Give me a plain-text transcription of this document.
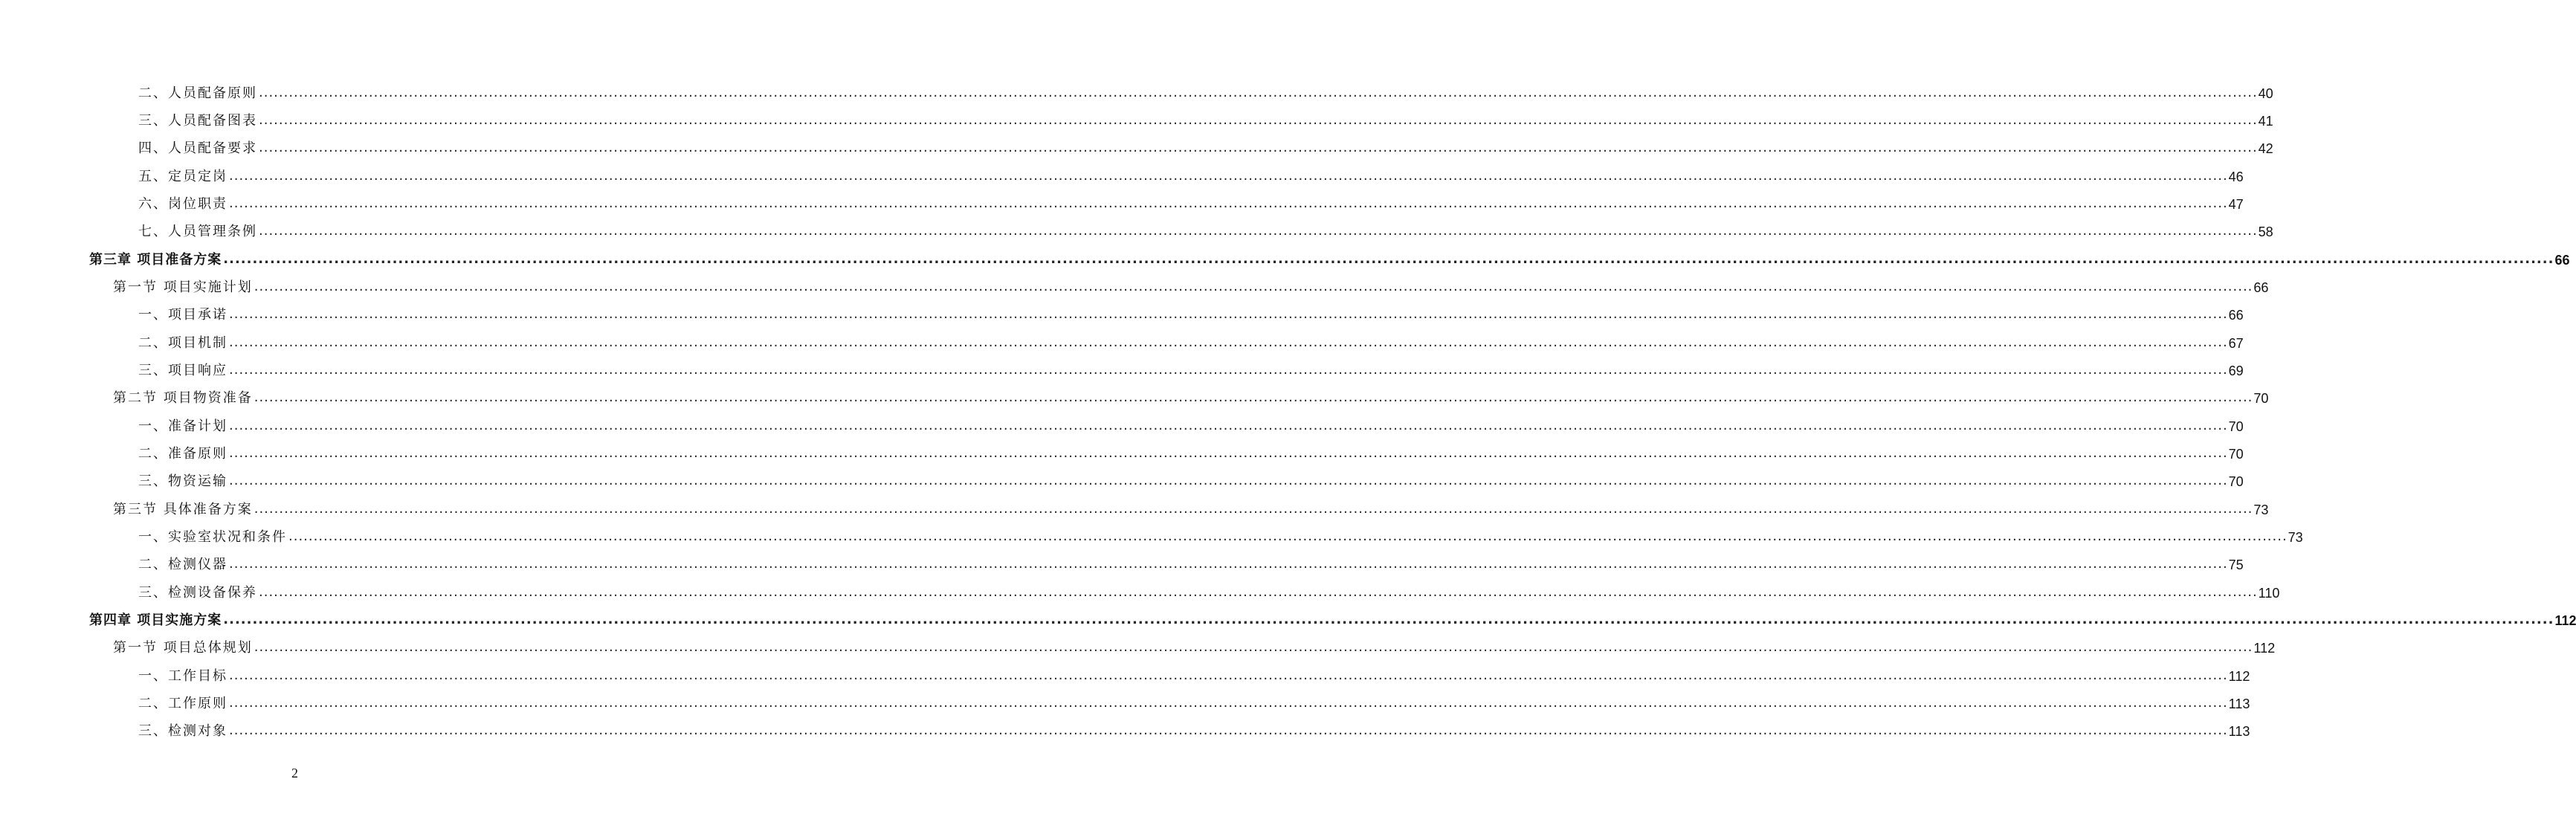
二、人员配备原则 ................................................................................................................................................................................................................................................................................................................................................................................................................ 40
三、人员配备图表 ................................................................................................................................................................................................................................................................................................................................................................................................................ 41
四、人员配备要求 ................................................................................................................................................................................................................................................................................................................................................................................................................ 42
五、定员定岗 ................................................................................................................................................................................................................................................................................................................................................................................................................ 46
六、岗位职责 ................................................................................................................................................................................................................................................................................................................................................................................................................ 47
七、人员管理条例 ................................................................................................................................................................................................................................................................................................................................................................................................................ 58
第三章 项目准备方案 ................................................................................................................................................................................................................................................................................................................................................................................................................ 66
第一节 项目实施计划 ................................................................................................................................................................................................................................................................................................................................................................................................................ 66
一、项目承诺 ................................................................................................................................................................................................................................................................................................................................................................................................................ 66
二、项目机制 ................................................................................................................................................................................................................................................................................................................................................................................................................ 67
三、项目响应 ................................................................................................................................................................................................................................................................................................................................................................................................................ 69
第二节 项目物资准备 ................................................................................................................................................................................................................................................................................................................................................................................................................ 70
一、准备计划 ................................................................................................................................................................................................................................................................................................................................................................................................................ 70
二、准备原则 ................................................................................................................................................................................................................................................................................................................................................................................................................ 70
三、物资运输 ................................................................................................................................................................................................................................................................................................................................................................................................................ 70
第三节 具体准备方案 ................................................................................................................................................................................................................................................................................................................................................................................................................ 73
一、实验室状况和条件 ................................................................................................................................................................................................................................................................................................................................................................................................................ 73
二、检测仪器 ................................................................................................................................................................................................................................................................................................................................................................................................................ 75
三、检测设备保养 ................................................................................................................................................................................................................................................................................................................................................................................................................ 110
第四章 项目实施方案 ................................................................................................................................................................................................................................................................................................................................................................................................................ 112
第一节 项目总体规划 ................................................................................................................................................................................................................................................................................................................................................................................................................ 112
一、工作目标 ................................................................................................................................................................................................................................................................................................................................................................................................................ 112
二、工作原则 ................................................................................................................................................................................................................................................................................................................................................................................................................ 113
三、检测对象 ................................................................................................................................................................................................................................................................................................................................................................................................................ 113
2
